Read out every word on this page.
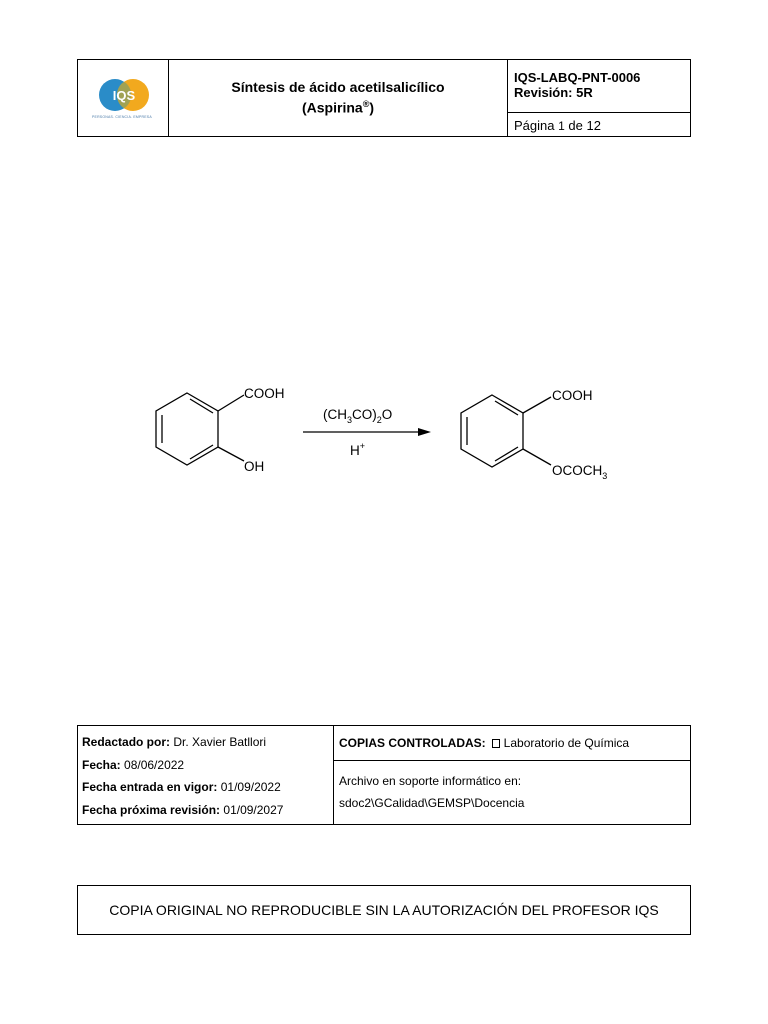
IQS
PERSONAS. CIENCIA. EMPRESA
Síntesis de ácido acetilsalicílico
(Aspirina®)
IQS-LABQ-PNT-0006
Revisión: 5R
Página 1 de 12
COOH
OH
$(CH_3CO)_2O$
H+
COOH
$OCOCH_3$
Redactado por: Dr. Xavier Batllori
Fecha: 08/06/2022
Fecha entrada en vigor: 01/09/2022
Fecha próxima revisión: 01/09/2027
COPIAS CONTROLADAS: Laboratorio de Química
Archivo en soporte informático en:
sdoc2\GCalidad\GEMSP\Docencia
COPIA ORIGINAL NO REPRODUCIBLE SIN LA AUTORIZACIÓN DEL PROFESOR IQS
